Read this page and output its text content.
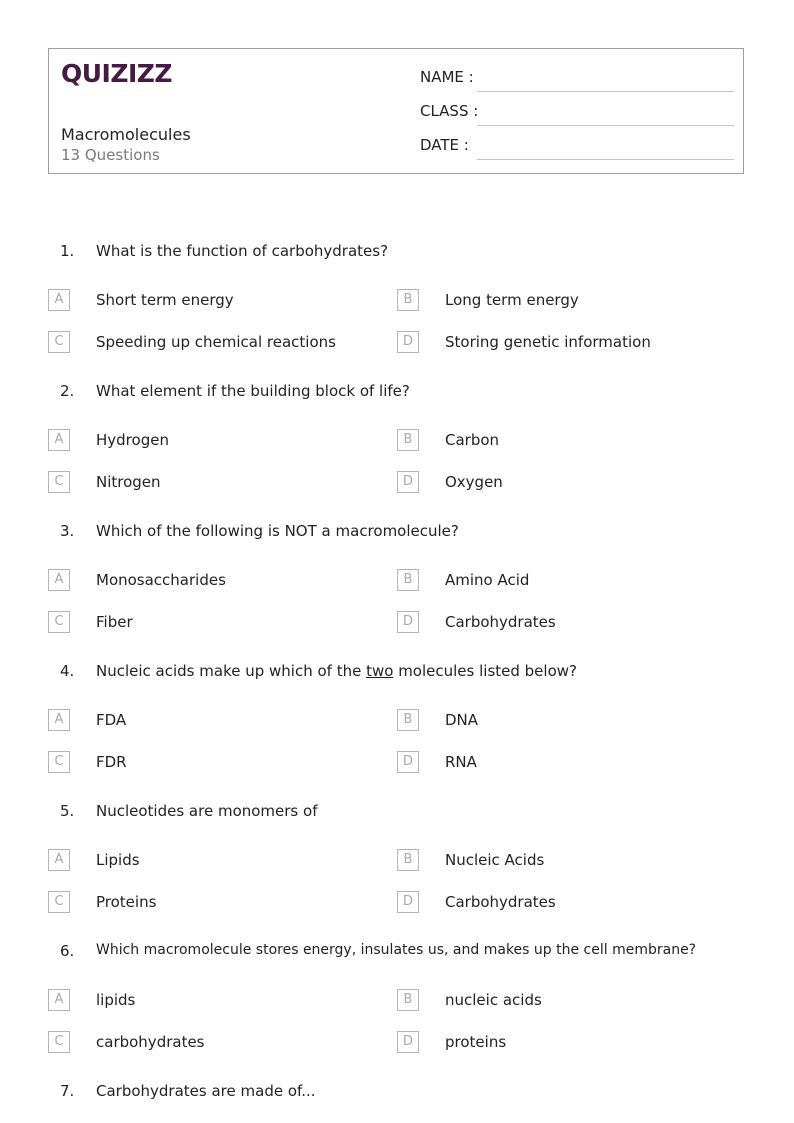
QUIZIZZ
Macromolecules
13 Questions
NAME :
CLASS :
DATE :
1. What is the function of carbohydrates?
A	Short term energy	B	Long term energy
C	Speeding up chemical reactions	D	Storing genetic information
2. What element if the building block of life?
A	Hydrogen	B	Carbon
C	Nitrogen	D	Oxygen
3. Which of the following is NOT a macromolecule?
A	Monosaccharides	B	Amino Acid
C	Fiber	D	Carbohydrates
4. Nucleic acids make up which of the two molecules listed below?
A	FDA	B	DNA
C	FDR	D	RNA
5. Nucleotides are monomers of
A	Lipids	B	Nucleic Acids
C	Proteins	D	Carbohydrates
6. Which macromolecule stores energy, insulates us, and makes up the cell membrane?
A	lipids	B	nucleic acids
C	carbohydrates	D	proteins
7. Carbohydrates are made of...
